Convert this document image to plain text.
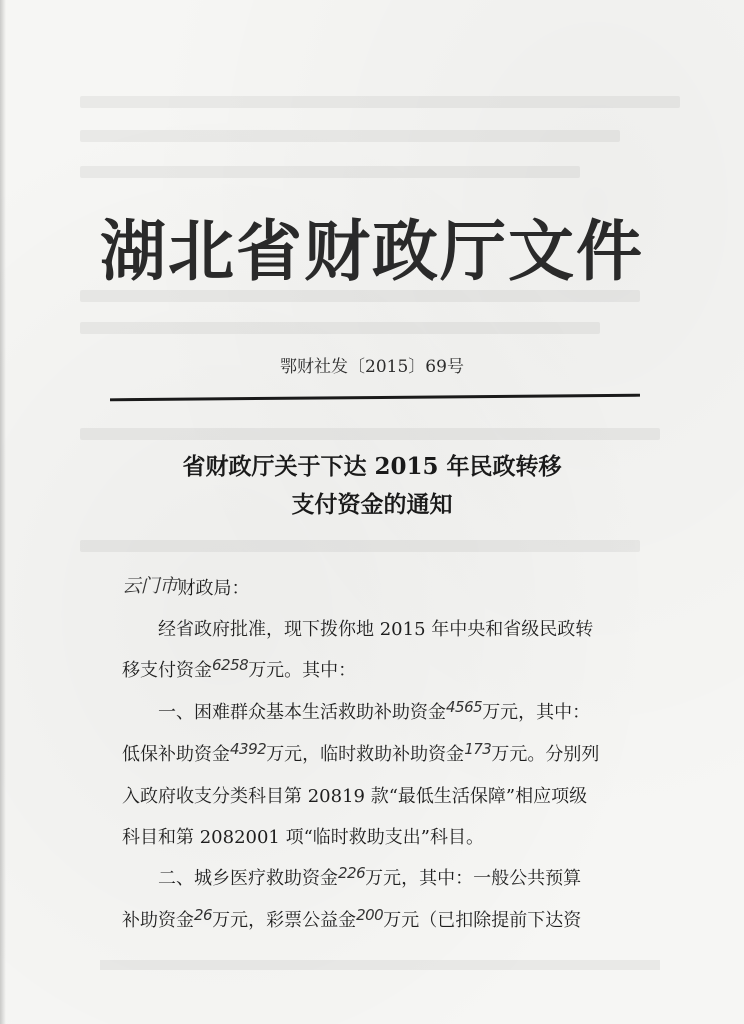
湖北省财政厅文件
鄂财社发〔2015〕69号
省财政厅关于下达 2015 年民政转移
支付资金的通知

云门市财政局：

经省政府批准，现下拨你地 2015 年中央和省级民政转

移支付资金$^{6258}$万元。其中：

一、困难群众基本生活救助补助资金$^{4565}$万元，其中：

低保补助资金$^{4392}$万元，临时救助补助资金$^{173}$万元。分别列

入政府收支分类科目第 20819 款“最低生活保障”相应项级

科目和第 2082001 项“临时救助支出”科目。

二、城乡医疗救助资金$^{226}$万元，其中：一般公共预算

补助资金$^{26}$万元，彩票公益金$^{200}$万元（已扣除提前下达资
